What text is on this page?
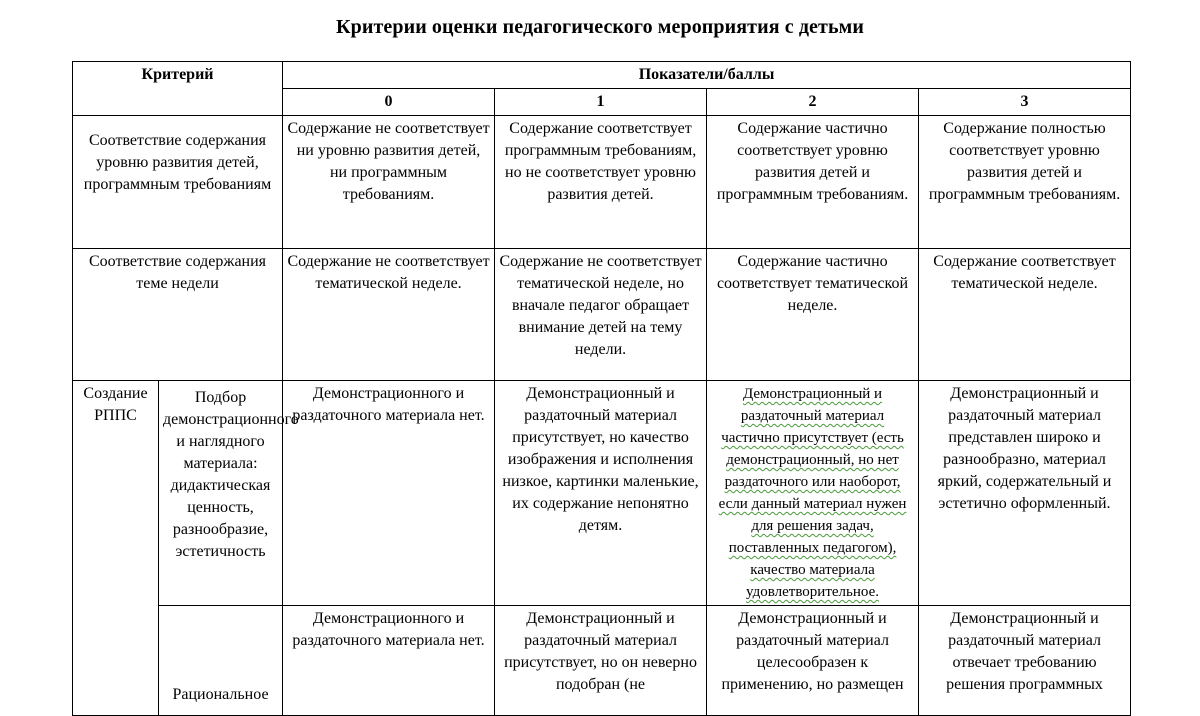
Критерии оценки педагогического мероприятия с детьми
Критерий		Показатели/баллы			
		0	1	2	3
Соответствие содержания уровню развития детей, программным требованиям		Содержание не соответствует ни уровню развития детей, ни программным требованиям.	Содержание соответствует программным требованиям, но не соответствует уровню развития детей.	Содержание частично соответствует уровню развития детей и программным требованиям.	Содержание полностью соответствует уровню развития детей и программным требованиям.
Соответствие содержания теме недели		Содержание не соответствует тематической неделе.	Содержание не соответствует тематической неделе, но вначале педагог обращает внимание детей на тему недели.	Содержание частично соответствует тематической неделе.	Содержание соответствует тематической неделе.
Создание РППС	Подбор демонстрационного и наглядного материала: дидактическая ценность, разнообразие, эстетичность	Демонстрационного и раздаточного материала нет.	Демонстрационный и раздаточный материал присутствует, но качество изображения и исполнения низкое, картинки маленькие, их содержание непонятно детям.	Демонстрационный и раздаточный материал частично присутствует (есть демонстрационный, но нет раздаточного или наоборот, если данный материал нужен для решения задач, поставленных педагогом), качество материала удовлетворительное.	Демонстрационный и раздаточный материал представлен широко и разнообразно, материал яркий, содержательный и эстетично оформленный.
	Рациональное	Демонстрационного и раздаточного материала нет.	Демонстрационный и раздаточный материал присутствует, но он неверно подобран (не	Демонстрационный и раздаточный материал целесообразен к применению, но размещен	Демонстрационный и раздаточный материал отвечает требованию решения программных
